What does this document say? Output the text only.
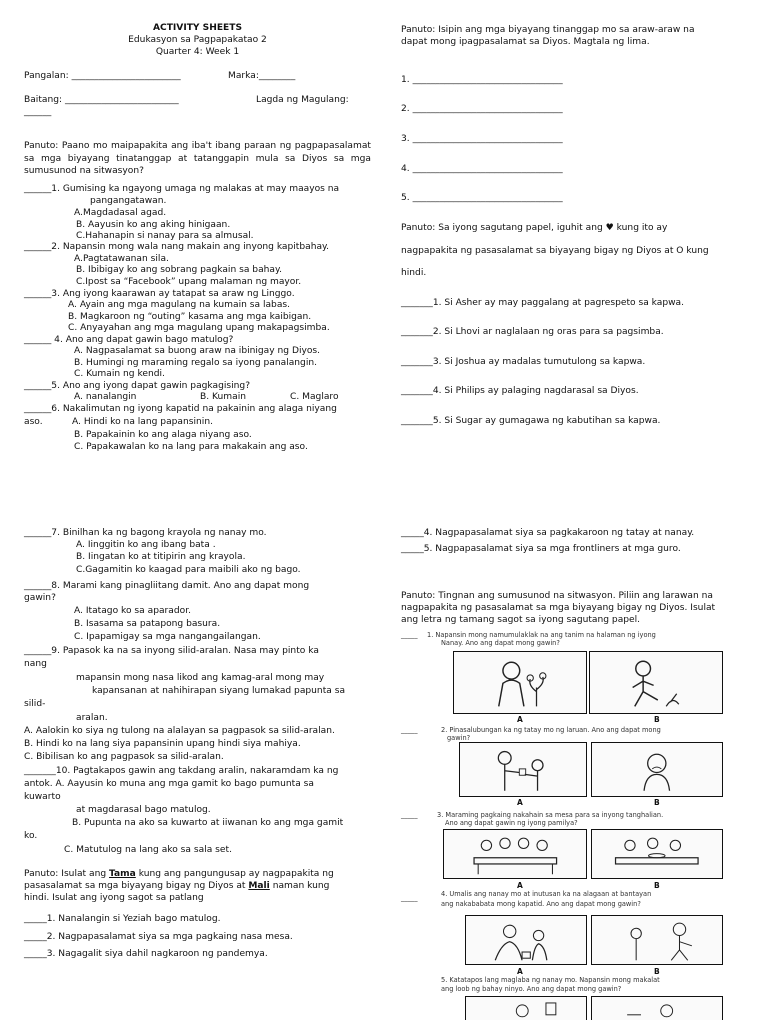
ACTIVITY SHEETS
Edukasyon sa Pagpapakatao 2
Quarter 4: Week 1
Pangalan: ________________________	Marka:________
Baitang: _________________________	Lagda ng Magulang:
______
Panuto: Paano mo maipapakita ang iba't ibang paraan ng pagpapasalamat sa mga biyayang tinatanggap at tatanggapin mula sa Diyos sa mga sumusunod na sitwasyon?
______1. Gumising ka ngayong umaga ng malakas at may maayos na
pangangatawan.
A.Magdadasal agad.
B. Aayusin ko ang aking hinigaan.
C.Hahanapin si nanay para sa almusal.
______2. Napansin mong wala nang makain ang inyong kapitbahay.
A.Pagtatawanan sila.
B. Ibibigay ko ang sobrang pagkain sa bahay.
C.Ipost sa “Facebook” upang malaman ng mayor.
______3. Ang iyong kaarawan ay tatapat sa araw ng Linggo.
A. Ayain ang mga magulang na kumain sa labas.
B. Magkaroon ng “outing” kasama ang mga kaibigan.
C. Anyayahan ang mga magulang upang makapagsimba.
______ 4. Ano ang dapat gawin bago matulog?
A. Nagpasalamat sa buong araw na ibinigay ng Diyos.
B. Humingi ng maraming regalo sa iyong panalangin.
C. Kumain ng kendi.
______5. Ano ang iyong dapat gawin pagkagising?
A. nanalangin	B. Kumain	C. Maglaro
______6. Nakalimutan ng iyong kapatid na pakainin ang alaga niyang
aso.	A. Hindi ko na lang papansinin.
B. Papakainin ko ang alaga niyang aso.
C. Papakawalan ko na lang para makakain ang aso.
______7. Binilhan ka ng bagong krayola ng nanay mo.
A. Iinggitin ko ang ibang bata .
B. Iingatan ko at titipirin ang krayola.
C.Gagamitin ko kaagad para maibili ako ng bago.
______8. Marami kang pinagliitang damit. Ano ang dapat mong
gawin?
A. Itatago ko sa aparador.
B. Isasama sa patapong basura.
C. Ipapamigay sa mga nangangailangan.
______9. Papasok ka na sa inyong silid-aralan. Nasa may pinto ka
nang
mapansin mong nasa likod ang kamag-aral mong may
kapansanan at nahihirapan siyang lumakad papunta sa
silid-
aralan.
A. Aalokin ko siya ng tulong na alalayan sa pagpasok sa silid-aralan.
B. Hindi ko na lang siya papansinin upang hindi siya mahiya.
C. Bibilisan ko ang pagpasok sa silid-aralan.
_______10. Pagtakapos gawin ang takdang aralin, nakaramdam ka ng
antok. A. Aayusin ko muna ang mga gamit ko bago pumunta sa
kuwarto
at magdarasal bago matulog.
B. Pupunta na ako sa kuwarto at iiwanan ko ang mga gamit
ko.
C. Matutulog na lang ako sa sala set.
Panuto: Isulat ang Tama kung ang pangungusap ay nagpapakita ng
pasasalamat sa mga biyayang bigay ng Diyos at Mali naman kung
hindi. Isulat ang iyong sagot sa patlang
_____1. Nanalangin si Yeziah bago matulog.
_____2. Nagpapasalamat siya sa mga pagkaing nasa mesa.
_____3. Nagagalit siya dahil nagkaroon ng pandemya.
Panuto: Isipin ang mga biyayang tinanggap mo sa araw-araw na
dapat mong ipagpasalamat sa Diyos. Magtala ng lima.
1. _________________________________
2. _________________________________
3. _________________________________
4. _________________________________
5. _________________________________
Panuto: Sa iyong sagutang papel, iguhit ang ♥ kung ito ay
nagpapakita ng pasasalamat sa biyayang bigay ng Diyos at O kung
hindi.
_______1. Si Asher ay may paggalang at pagrespeto sa kapwa.
_______2. Si Lhovi ar naglalaan ng oras para sa pagsimba.
_______3. Si Joshua ay madalas tumutulong sa kapwa.
_______4. Si Philips ay palaging nagdarasal sa Diyos.
_______5. Si Sugar ay gumagawa ng kabutihan sa kapwa.
_____4. Nagpapasalamat siya sa pagkakaroon ng tatay at nanay.
_____5. Nagpapasalamat siya sa mga frontliners at mga guro.
Panuto: Tingnan ang sumusunod na sitwasyon. Piliin ang larawan na
nagpapakita ng pasasalamat sa mga biyayang bigay ng Diyos. Isulat
ang letra ng tamang sagot sa iyong sagutang papel.
_____ 1. Napansin mong namumulaklak na ang tanim na halaman ng iyong
Nanay. Ano ang dapat mong gawin?
A	B
_____	2. Pinasalubungan ka ng tatay mo ng laruan. Ano ang dapat mong
gawin?
A	B
_____	3. Maraming pagkaing nakahain sa mesa para sa inyong tanghalian.
Ano ang dapat gawin ng iyong pamilya?
A	B
_____	4. Umalis ang nanay mo at inutusan ka na alagaan at bantayan
ang nakababata mong kapatid. Ano ang dapat mong gawin?
A	B
5. Katatapos lang maglaba ng nanay mo. Napansin mong makalat
ang loob ng bahay ninyo. Ano ang dapat mong gawin?
